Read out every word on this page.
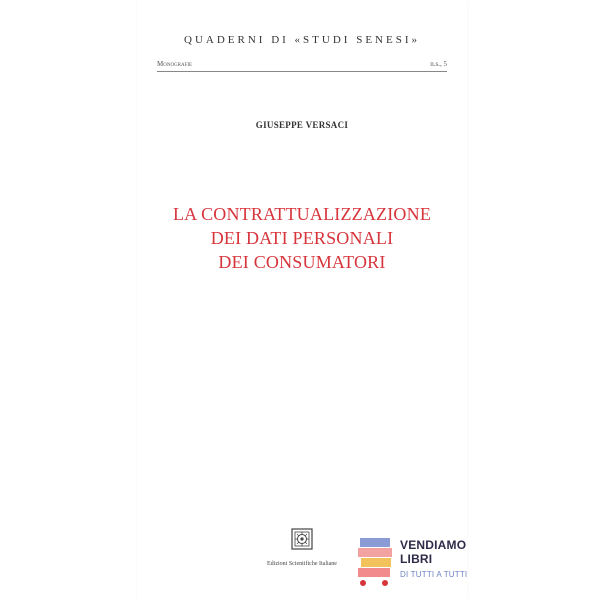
QUADERNI DI «STUDI SENESI»
Monografie	n.s., 5
GIUSEPPE VERSACI
LA CONTRATTUALIZZAZIONE
DEI DATI PERSONALI
DEI CONSUMATORI
Edizioni Scientifiche Italiane
VENDIAMO
LIBRI
DI TUTTI A TUTTI
